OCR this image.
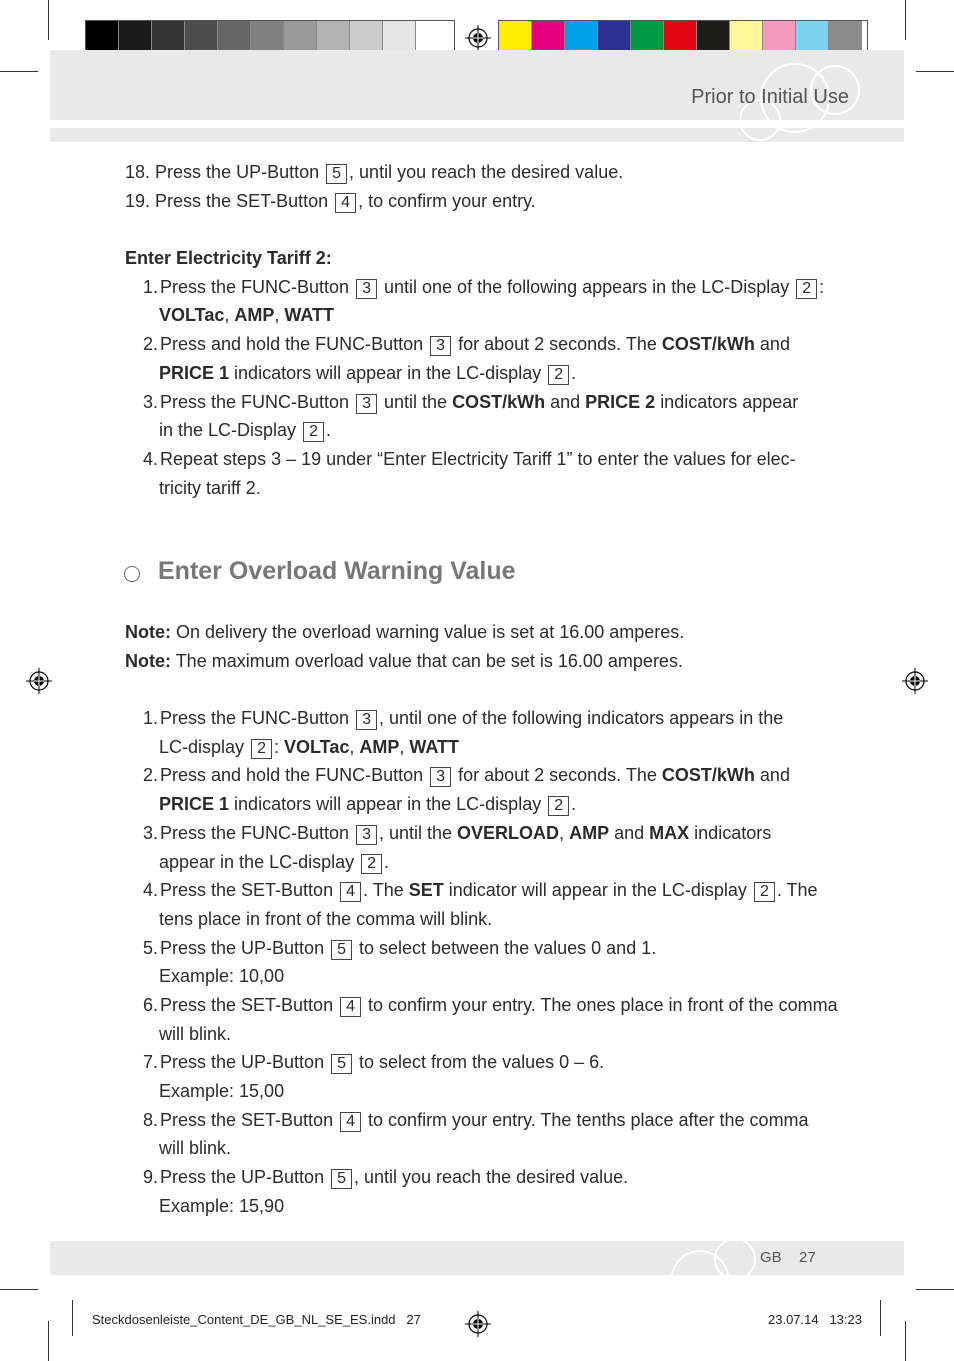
Prior to Initial Use
18. Press the UP-Button 5 , until you reach the desired value.
19. Press the SET-Button 4 , to confirm your entry.
Enter Electricity Tariff 2:
1. Press the FUNC-Button 3 until one of the following appears in the LC-Display 2 :
VOLTac, AMP, WATT
2. Press and hold the FUNC-Button 3 for about 2 seconds. The COST/kWh and
PRICE 1 indicators will appear in the LC-display 2 .
3. Press the FUNC-Button 3 until the COST/kWh and PRICE 2 indicators appear
in the LC-Display 2 .
4. Repeat steps 3 – 19 under “Enter Electricity Tariff 1” to enter the values for elec-
tricity tariff 2.
Enter Overload Warning Value
Note: On delivery the overload warning value is set at 16.00 amperes.
Note: The maximum overload value that can be set is 16.00 amperes.
1. Press the FUNC-Button 3 , until one of the following indicators appears in the
LC-display 2 : VOLTac, AMP, WATT
2. Press and hold the FUNC-Button 3 for about 2 seconds. The COST/kWh and
PRICE 1 indicators will appear in the LC-display 2 .
3. Press the FUNC-Button 3 , until the OVERLOAD, AMP and MAX indicators
appear in the LC-display 2 .
4. Press the SET-Button 4 . The SET indicator will appear in the LC-display 2 . The
tens place in front of the comma will blink.
5. Press the UP-Button 5 to select between the values 0 and 1.
Example: 10,00
6. Press the SET-Button 4 to confirm your entry. The ones place in front of the comma
will blink.
7. Press the UP-Button 5 to select from the values 0 – 6.
Example: 15,00
8. Press the SET-Button 4 to confirm your entry. The tenths place after the comma
will blink.
9. Press the UP-Button 5 , until you reach the desired value.
Example: 15,90
GB 27
Steckdosenleiste_Content_DE_GB_NL_SE_ES.indd 27	23.07.14 13:23
